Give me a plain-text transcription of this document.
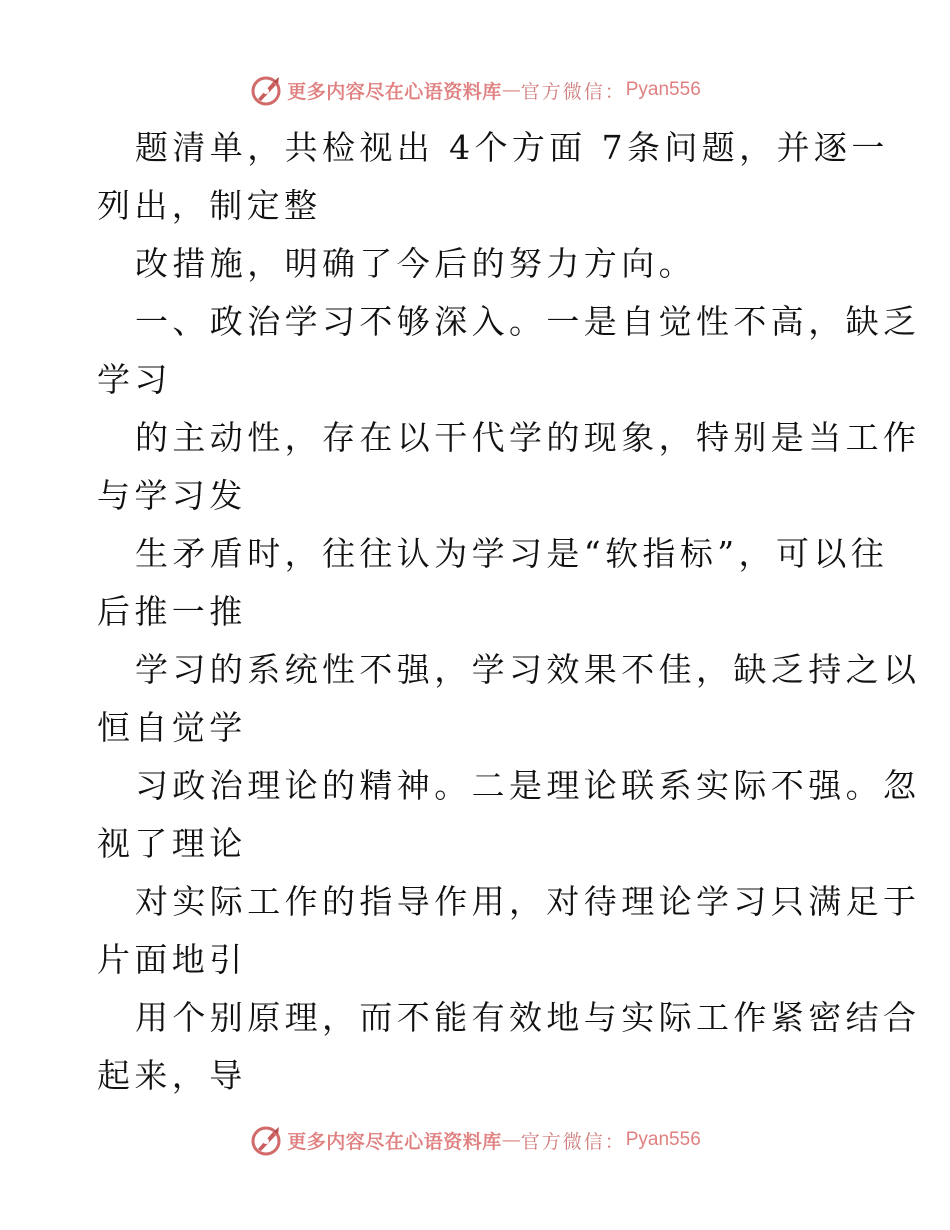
更多内容尽在心语资料库 — 官方微信： Pyan556
题清单，共检视出 4个方面 7条问题，并逐一
列出，制定整
改措施，明确了今后的努力方向。
一、政治学习不够深入。一是自觉性不高，缺乏
学习
的主动性，存在以干代学的现象，特别是当工作
与学习发
生矛盾时，往往认为学习是“软指标”，可以往
后推一推
学习的系统性不强，学习效果不佳，缺乏持之以
恒自觉学
习政治理论的精神。二是理论联系实际不强。忽
视了理论
对实际工作的指导作用，对待理论学习只满足于
片面地引
用个别原理，而不能有效地与实际工作紧密结合
起来，导
更多内容尽在心语资料库 — 官方微信： Pyan556
